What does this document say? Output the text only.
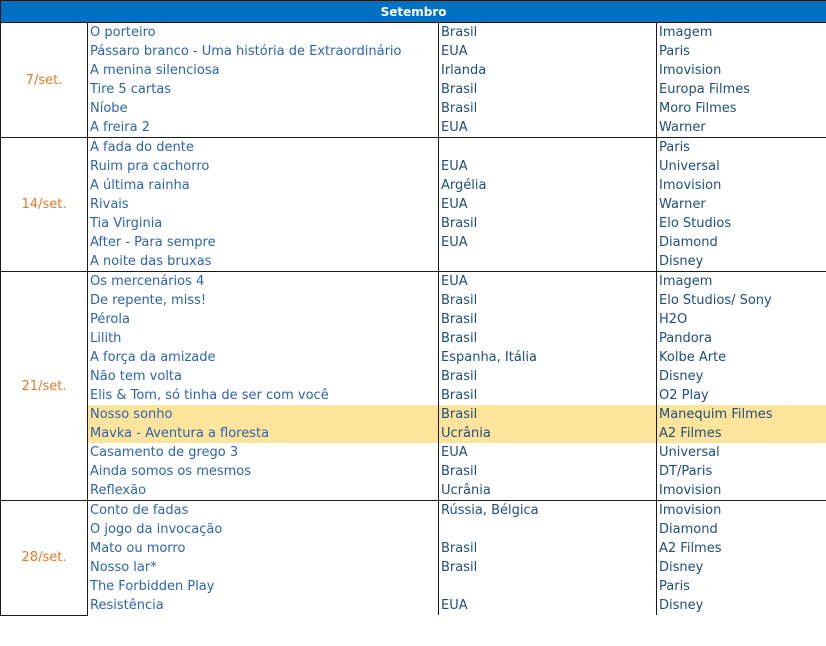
Setembro			
7/set.	O porteiro	Brasil	Imagem
	Pássaro branco - Uma história de Extraordinário	EUA	Paris
	A menina silenciosa	Irlanda	Imovision
	Tire 5 cartas	Brasil	Europa Filmes
	Níobe	Brasil	Moro Filmes
	A freira 2	EUA	Warner
14/set.	A fada do dente		Paris
	Ruim pra cachorro	EUA	Universal
	A última rainha	Argélia	Imovision
	Rivais	EUA	Warner
	Tia Virginia	Brasil	Elo Studios
	After - Para sempre	EUA	Diamond
	A noite das bruxas		Disney
21/set.	Os mercenários 4	EUA	Imagem
	De repente, miss!	Brasil	Elo Studios/ Sony
	Pérola	Brasil	H2O
	Lilith	Brasil	Pandora
	A força da amizade	Espanha, Itália	Kolbe Arte
	Não tem volta	Brasil	Disney
	Elis & Tom, só tinha de ser com você	Brasil	O2 Play
	Nosso sonho	Brasil	Manequim Filmes
	Mavka - Aventura a floresta	Ucrânia	A2 Filmes
	Casamento de grego 3	EUA	Universal
	Ainda somos os mesmos	Brasil	DT/Paris
	Reflexão	Ucrânia	Imovision
28/set.	Conto de fadas	Rússia, Bélgica	Imovision
	O jogo da invocação		Diamond
	Mato ou morro	Brasil	A2 Filmes
	Nosso lar*	Brasil	Disney
	The Forbidden Play		Paris
	Resistência	EUA	Disney
